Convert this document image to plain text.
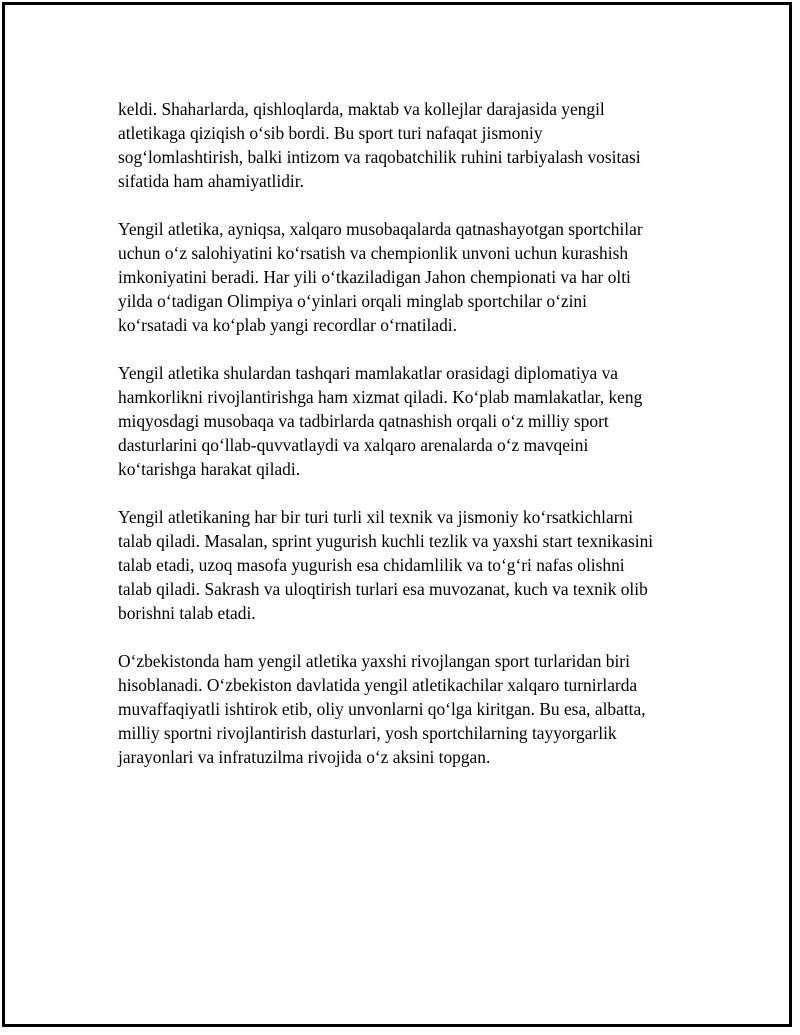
keldi. Shaharlarda, qishloqlarda, maktab va kollejlar darajasida yengil
atletikaga qiziqish o‘sib bordi. Bu sport turi nafaqat jismoniy
sog‘lomlashtirish, balki intizom va raqobatchilik ruhini tarbiyalash vositasi
sifatida ham ahamiyatlidir.

Yengil atletika, ayniqsa, xalqaro musobaqalarda qatnashayotgan sportchilar
uchun o‘z salohiyatini ko‘rsatish va chempionlik unvoni uchun kurashish
imkoniyatini beradi. Har yili o‘tkaziladigan Jahon chempionati va har olti
yilda o‘tadigan Olimpiya o‘yinlari orqali minglab sportchilar o‘zini
ko‘rsatadi va ko‘plab yangi recordlar o‘rnatiladi.

Yengil atletika shulardan tashqari mamlakatlar orasidagi diplomatiya va
hamkorlikni rivojlantirishga ham xizmat qiladi. Ko‘plab mamlakatlar, keng
miqyosdagi musobaqa va tadbirlarda qatnashish orqali o‘z milliy sport
dasturlarini qo‘llab-quvvatlaydi va xalqaro arenalarda o‘z mavqeini
ko‘tarishga harakat qiladi.

Yengil atletikaning har bir turi turli xil texnik va jismoniy ko‘rsatkichlarni
talab qiladi. Masalan, sprint yugurish kuchli tezlik va yaxshi start texnikasini
talab etadi, uzoq masofa yugurish esa chidamlilik va to‘g‘ri nafas olishni
talab qiladi. Sakrash va uloqtirish turlari esa muvozanat, kuch va texnik olib
borishni talab etadi.

O‘zbekistonda ham yengil atletika yaxshi rivojlangan sport turlaridan biri
hisoblanadi. O‘zbekiston davlatida yengil atletikachilar xalqaro turnirlarda
muvaffaqiyatli ishtirok etib, oliy unvonlarni qo‘lga kiritgan. Bu esa, albatta,
milliy sportni rivojlantirish dasturlari, yosh sportchilarning tayyorgarlik
jarayonlari va infratuzilma rivojida o‘z aksini topgan.
